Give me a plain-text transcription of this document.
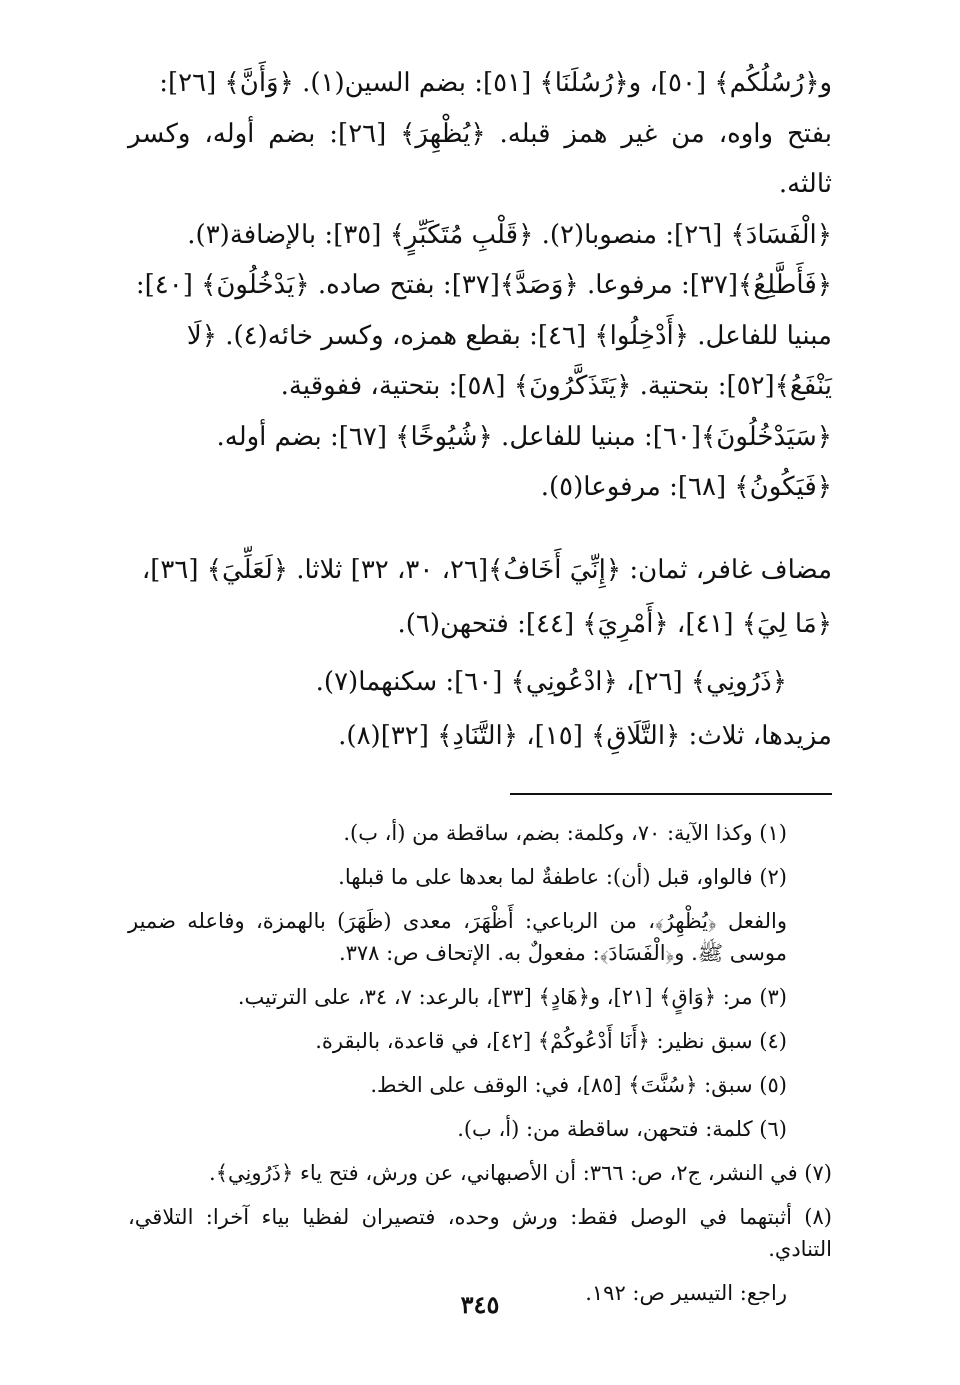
و﴿رُسُلُكُم﴾ [٥٠]، و﴿رُسُلَنَا﴾ [٥١]: بضم السين(١). ﴿وَأَنَّ﴾ [٢٦]:

بفتح واوه، من غير همز قبله. ﴿يُظْهِرَ﴾ [٢٦]: بضم أوله، وكسر ثالثه.

﴿الْفَسَادَ﴾ [٢٦]: منصوبا(٢). ﴿قَلْبِ مُتَكَبِّرٍ﴾ [٣٥]: بالإضافة(٣).

﴿فَأَطَّلِعُ﴾[٣٧]: مرفوعا. ﴿وَصَدَّ﴾[٣٧]: بفتح صاده. ﴿يَدْخُلُونَ﴾ [٤٠]:

مبنيا للفاعل. ﴿أَدْخِلُوا﴾ [٤٦]: بقطع همزه، وكسر خائه(٤). ﴿لَا

يَنْفَعُ﴾[٥٢]: بتحتية. ﴿يَتَذَكَّرُونَ﴾ [٥٨]: بتحتية، ففوقية.

﴿سَيَدْخُلُونَ﴾[٦٠]: مبنيا للفاعل. ﴿شُيُوخًا﴾ [٦٧]: بضم أوله.

﴿فَيَكُونُ﴾ [٦٨]: مرفوعا(٥).

مضاف غافر، ثمان: ﴿إِنِّيَ أَخَافُ﴾[٢٦، ٣٠، ٣٢] ثلاثا. ﴿لَعَلِّيَ﴾ [٣٦]،

﴿مَا لِيَ﴾ [٤١]، ﴿أَمْرِيَ﴾ [٤٤]: فتحهن(٦).

﴿ذَرُونِي﴾ [٢٦]، ﴿ادْعُونِي﴾ [٦٠]: سكنهما(٧).

مزيدها، ثلاث: ﴿التَّلَاقِ﴾ [١٥]، ﴿التَّنَادِ﴾ [٣٢](٨).

(١) وكذا الآية: ٧٠، وكلمة: بضم، ساقطة من (أ، ب).

(٢) فالواو، قبل (أن): عاطفةٌ لما بعدها على ما قبلها.

والفعل ﴿يُظْهِرُ﴾، من الرباعي: أَظْهَرَ، معدى (ظَهَرَ) بالهمزة، وفاعله ضمير موسى ﷺ. و﴿الْفَسَادَ﴾: مفعولٌ به. الإتحاف ص: ٣٧٨.

(٣) مر: ﴿وَاقٍ﴾ [٢١]، و﴿هَادٍ﴾ [٣٣]، بالرعد: ٧، ٣٤، على الترتيب.

(٤) سبق نظير: ﴿أَنَا أَدْعُوكُمْ﴾ [٤٢]، في قاعدة، بالبقرة.

(٥) سبق: ﴿سُنَّتَ﴾ [٨٥]، في: الوقف على الخط.

(٦) كلمة: فتحهن، ساقطة من: (أ، ب).

(٧) في النشر، ج٢، ص: ٣٦٦: أن الأصبهاني، عن ورش، فتح ياء ﴿ذَرُونِي﴾.

(٨) أثبتهما في الوصل فقط: ورش وحده، فتصيران لفظيا بياء آخرا: التلاقي، التنادي.

راجع: التيسير ص: ١٩٢.

٣٤٥
